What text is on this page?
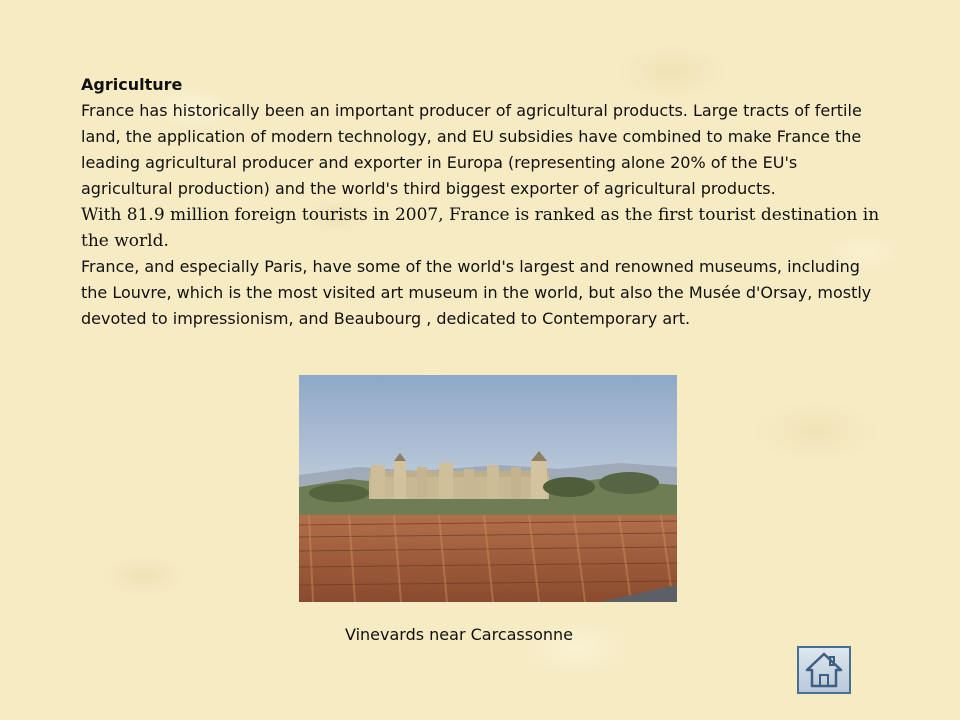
Agriculture

France has historically been an important producer of agricultural products. Large tracts of fertile land, the application of modern technology, and EU subsidies have combined to make France the leading agricultural producer and exporter in Europa (representing alone 20% of the EU's agricultural production) and the world's third biggest exporter of agricultural products.

With 81.9 million foreign tourists in 2007, France is ranked as the first tourist destination in the world.

France, and especially Paris, have some of the world's largest and renowned museums, including the Louvre, which is the most visited art museum in the world, but also the Musée d'Orsay, mostly devoted to impressionism, and Beaubourg , dedicated to Contemporary art.

Vinevards near Carcassonne
